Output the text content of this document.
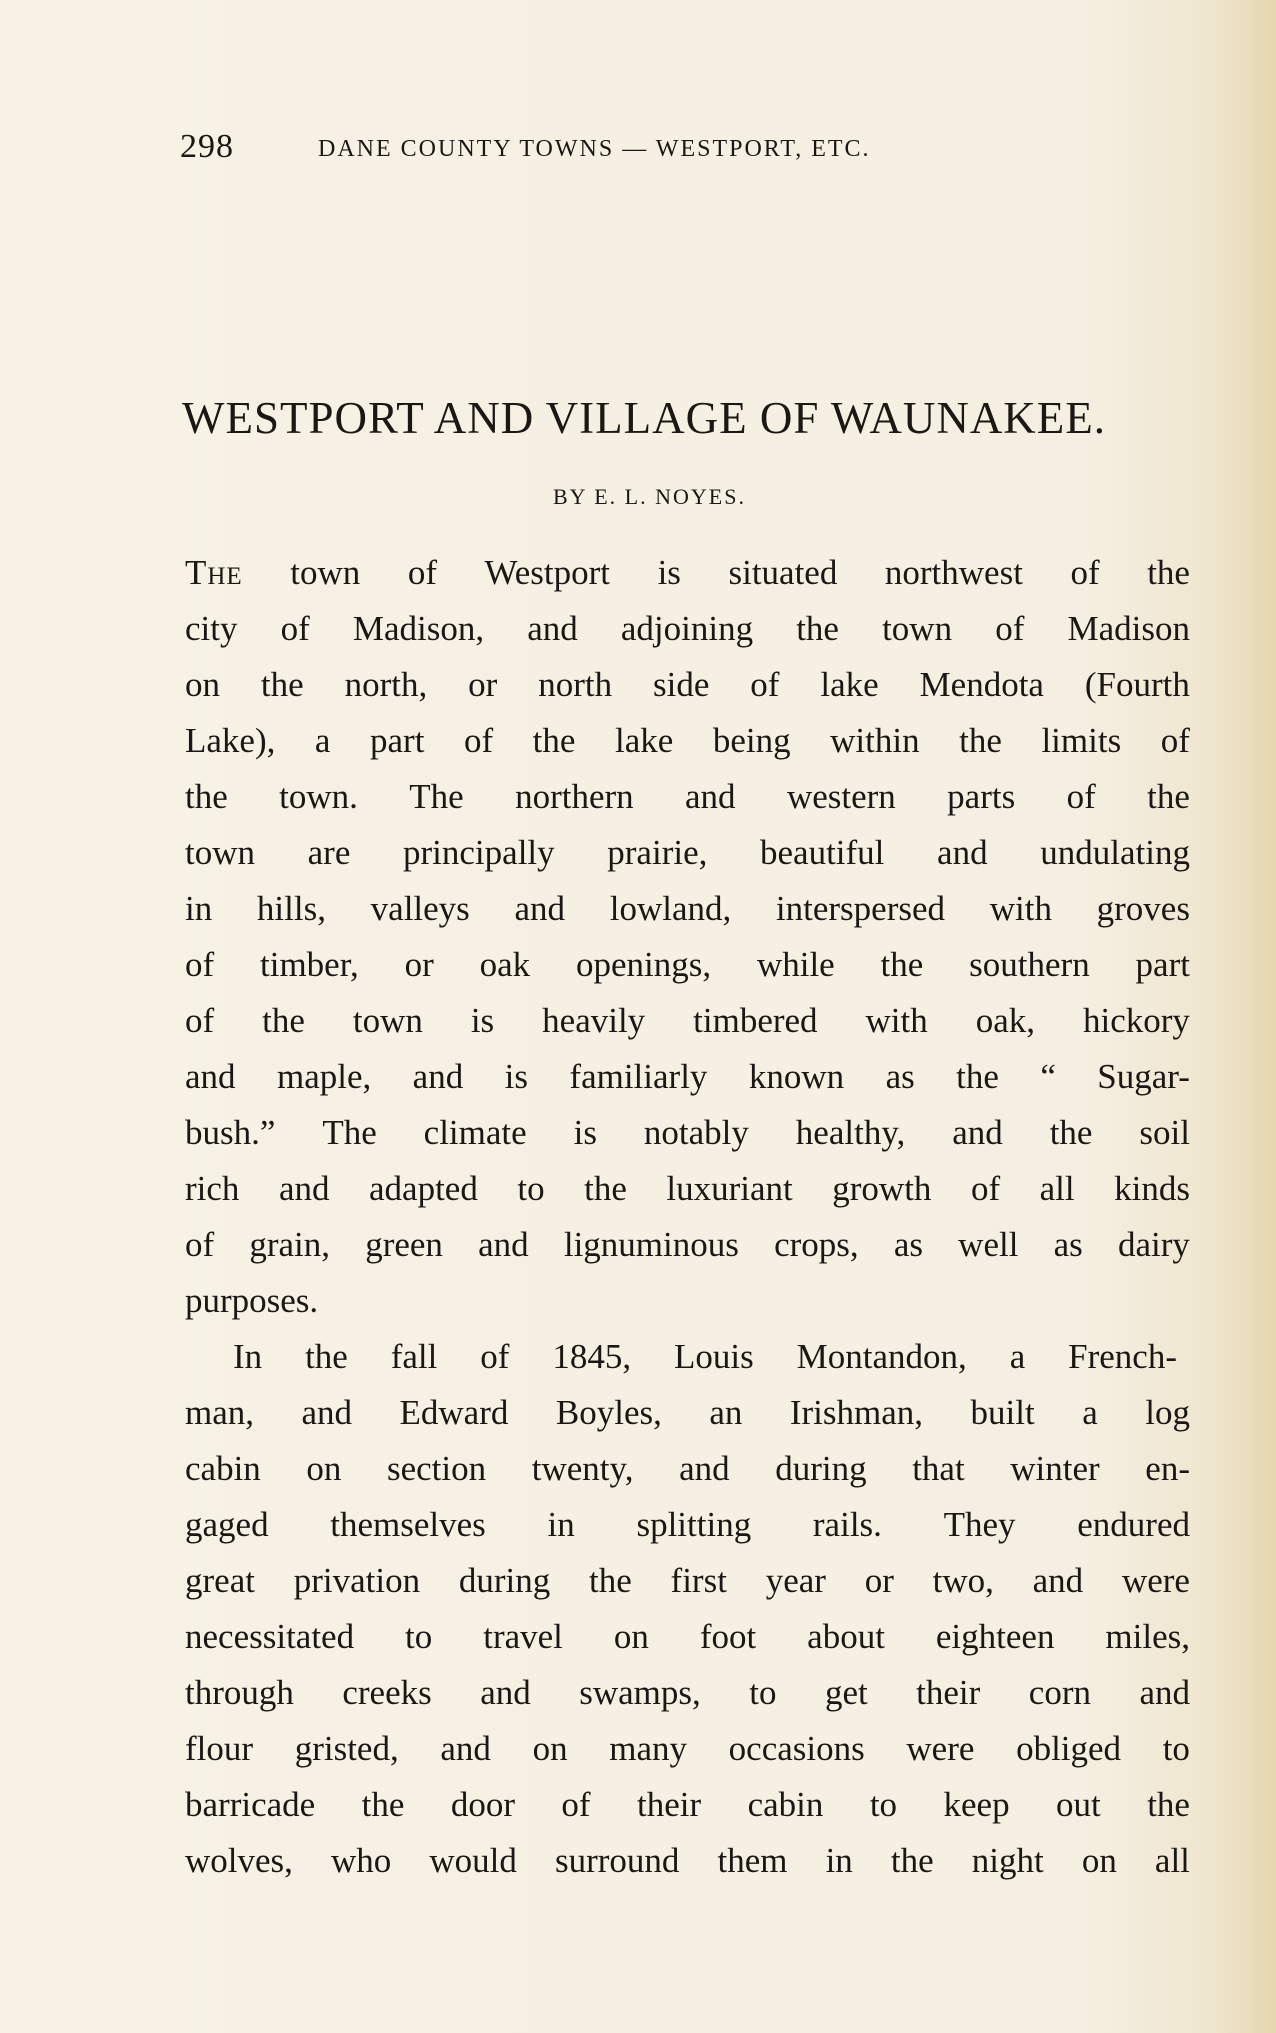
298	DANE COUNTY TOWNS — WESTPORT, ETC.
WESTPORT AND VILLAGE OF WAUNAKEE.
BY E. L. NOYES.
The town of Westport is situated northwest of the
city of Madison, and adjoining the town of Madison
on the north, or north side of lake Mendota (Fourth
Lake), a part of the lake being within the limits of
the town. The northern and western parts of the
town are principally prairie, beautiful and undulating
in hills, valleys and lowland, interspersed with groves
of timber, or oak openings, while the southern part
of the town is heavily timbered with oak, hickory
and maple, and is familiarly known as the “ Sugar-
bush.” The climate is notably healthy, and the soil
rich and adapted to the luxuriant growth of all kinds
of grain, green and lignuminous crops, as well as dairy
purposes.
In the fall of 1845, Louis Montandon, a French-
man, and Edward Boyles, an Irishman, built a log
cabin on section twenty, and during that winter en-
gaged themselves in splitting rails. They endured
great privation during the first year or two, and were
necessitated to travel on foot about eighteen miles,
through creeks and swamps, to get their corn and
flour gristed, and on many occasions were obliged to
barricade the door of their cabin to keep out the
wolves, who would surround them in the night on all
